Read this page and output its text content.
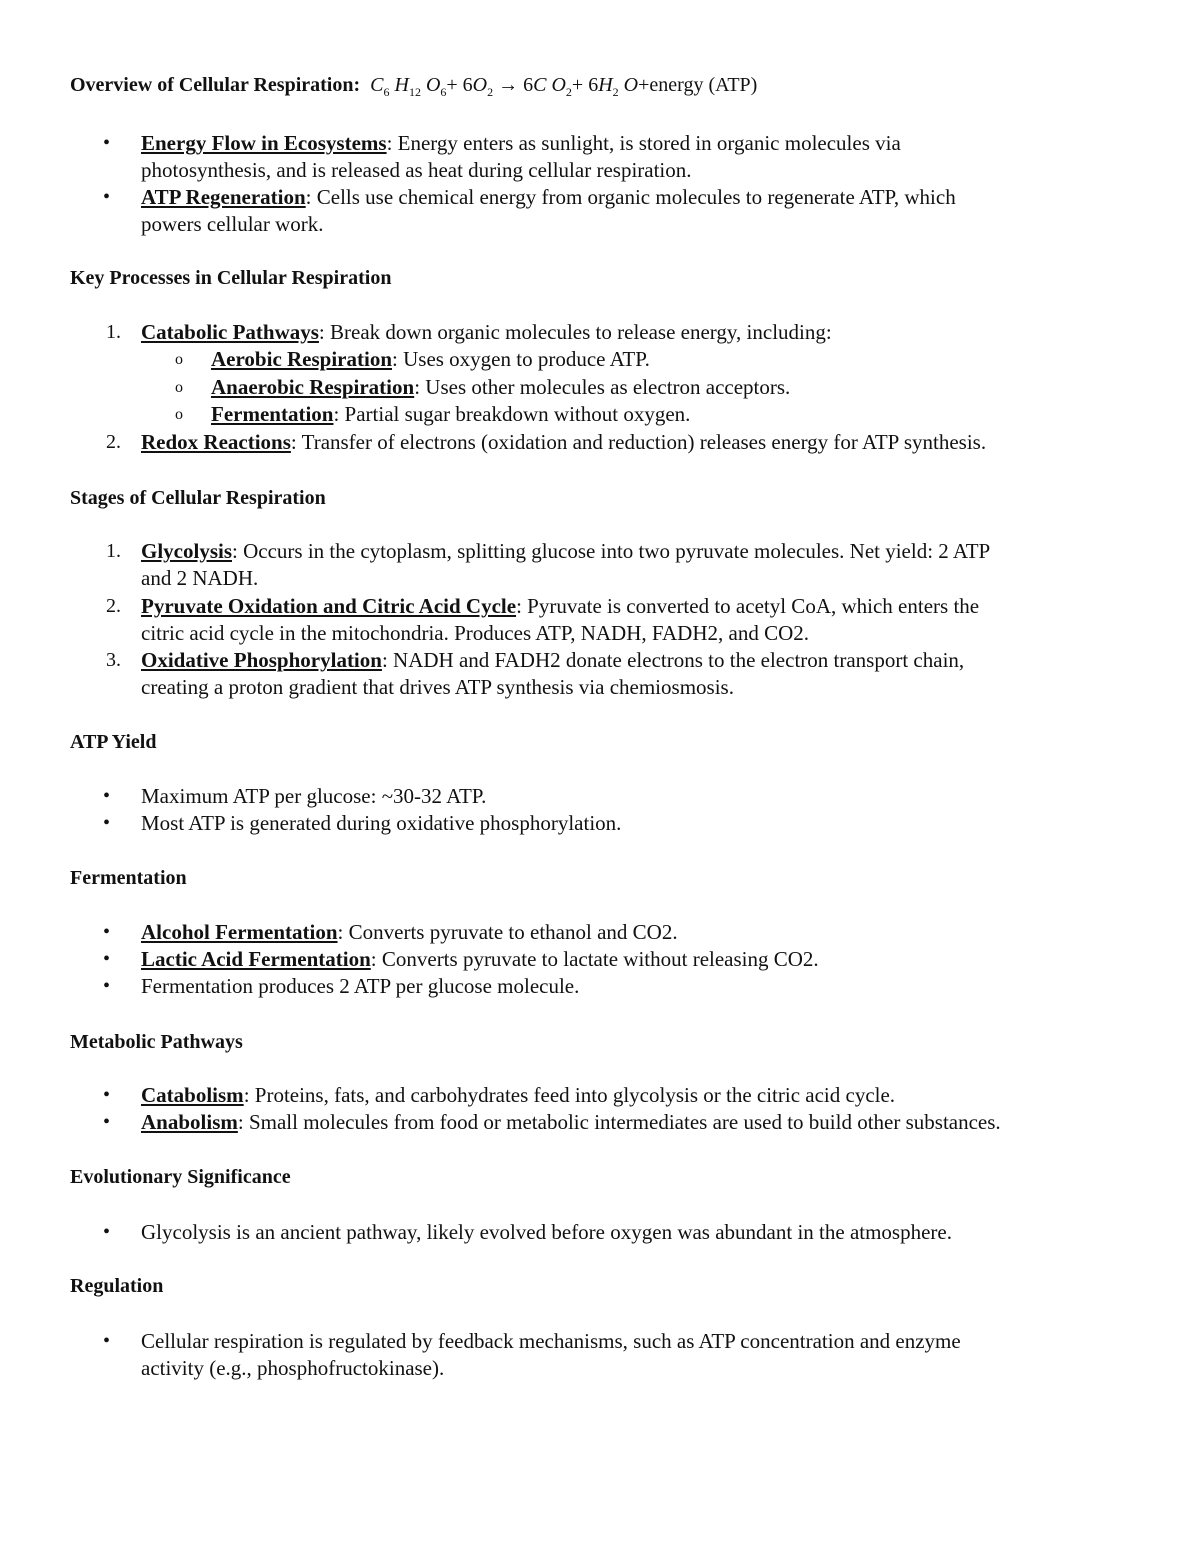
Overview of Cellular Respiration: $C_6$ $H_{12}$ $O_6+ 6O_2 \to 6C$ $O_2+ 6H_2$ O+energy (ATP)
• Energy Flow in Ecosystems: Energy enters as sunlight, is stored in organic molecules via
photosynthesis, and is released as heat during cellular respiration.
• ATP Regeneration: Cells use chemical energy from organic molecules to regenerate ATP, which
powers cellular work.
Key Processes in Cellular Respiration
1. Catabolic Pathways: Break down organic molecules to release energy, including:
o Aerobic Respiration: Uses oxygen to produce ATP.
o Anaerobic Respiration: Uses other molecules as electron acceptors.
o Fermentation: Partial sugar breakdown without oxygen.
2. Redox Reactions: Transfer of electrons (oxidation and reduction) releases energy for ATP synthesis.
Stages of Cellular Respiration
1. Glycolysis: Occurs in the cytoplasm, splitting glucose into two pyruvate molecules. Net yield: 2 ATP
and 2 NADH.
2. Pyruvate Oxidation and Citric Acid Cycle: Pyruvate is converted to acetyl CoA, which enters the
citric acid cycle in the mitochondria. Produces ATP, NADH, FADH2, and CO2.
3. Oxidative Phosphorylation: NADH and FADH2 donate electrons to the electron transport chain,
creating a proton gradient that drives ATP synthesis via chemiosmosis.
ATP Yield
• Maximum ATP per glucose: ~30-32 ATP.
• Most ATP is generated during oxidative phosphorylation.
Fermentation
• Alcohol Fermentation: Converts pyruvate to ethanol and CO2.
• Lactic Acid Fermentation: Converts pyruvate to lactate without releasing CO2.
• Fermentation produces 2 ATP per glucose molecule.
Metabolic Pathways
• Catabolism: Proteins, fats, and carbohydrates feed into glycolysis or the citric acid cycle.
• Anabolism: Small molecules from food or metabolic intermediates are used to build other substances.
Evolutionary Significance
• Glycolysis is an ancient pathway, likely evolved before oxygen was abundant in the atmosphere.
Regulation
• Cellular respiration is regulated by feedback mechanisms, such as ATP concentration and enzyme
activity (e.g., phosphofructokinase).
